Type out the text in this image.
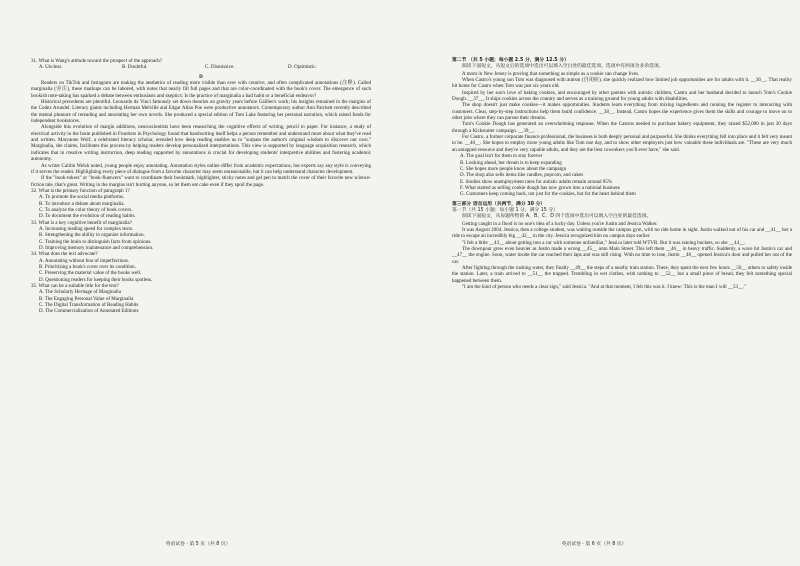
31. What is Wang's attitude toward the prospect of the approach?

A. Unclear.	B. Doubtful.	C. Dismissive.	D. Optimistic.

D

Readers on TikTok and Instagram are making the aesthetics of reading more visible than ever with creative, and often complicated annotations (注释). Called marginalia (旁注), these markups can be labored, with notes that nearly fill full pages and that are color-coordinated with the book's cover. The emergence of such bookish note-taking has sparked a debate between enthusiasts and skeptics: Is the practice of marginalia a bad habit or a beneficial endeavor?

Historical precedents are plentiful. Leonardo da Vinci famously set down theories on gravity years before Galileo's work; his insights remained in the margins of the Codex Arundel. Literary giants including Herman Melville and Edgar Allan Poe were productive annotators. Contemporary author Ann Patchett recently described the mental pleasure of rereading and annotating her own novels. She produced a special edition of Tom Lake featuring her personal narration, which raised funds for independent bookstores.

Alongside this evolution of margin additions, neuroscientists have been researching the cognitive effects of writing, pencil to paper. For instance, a study of electrical activity in the brain published in Frontiers in Psychology found that handwriting itself helps a person remember and understand more about what they've read and written. Maryanne Wolf, a celebrated literacy scholar, revealed how deep reading enables us to "surpass the author's original wisdom to discover our own." Marginalia, she claims, facilitates this process by helping readers develop personalized interpretations. This view is supported by language acquisition research, which indicates that in creative writing instruction, deep reading supported by annotations is crucial for developing students' interpretive abilities and fostering academic autonomy.

As writer Caitlin Welsh noted, young people enjoy annotating. Annotation styles online differ from academic expectations, but experts say any style is conveying if it serves the reader. Highlighting every piece of dialogue from a favorite character may seem unreasonable, but it can help understand character development.

If the "book-tokers" or "book-fluencers" want to coordinate their bookmark, highlighter, sticky notes and gel pen to match the cover of their favorite new science-fiction tale, that's great. Writing in the margins isn't hurting anyone, so let them eat cake even if they spoil the page.

32. What is the primary function of paragraph 1?

A. To promote the social media platforms.

B. To introduce a debate about marginalia.

C. To analyze the color theory of book covers.

D. To document the evolution of reading habits.

33. What is a key cognitive benefit of marginalia?

A. Increasing reading speed for complex texts.

B. Strengthening the ability to organize information.

C. Training the brain to distinguish facts from opinions.

D. Improving memory maintenance and comprehension.

34. What does the text advocate?

A. Annotating without fear of imperfections.

B. Prioritizing a book's cover over its condition.

C. Preserving the material value of the books well.

D. Questioning readers for keeping their books spotless.

35. What can be a suitable title for the text?

A. The Scholarly Heritage of Marginalia

B. The Engaging Personal Value of Marginalia

C. The Digital Transformation of Reading Habits

D. The Commercialization of Annotated Editions

第二节 （共 5 小题；每小题 2.5 分，满分 12.5 分）

阅读下面短文，从短文后的选项中选出可以填入空白处的最佳选项。选项中有两项为多余选项。

A mom in New Jersey is proving that something as simple as a cookie can change lives.

When Castro's young son Tom was diagnosed with autism (自闭症), she quickly realized how limited job opportunities are for adults with it. __36__. That reality hit home for Castro when Tom was just six years old.

Inspired by her son's love of baking cookies, and encouraged by other parents with autistic children, Castro and her husband decided to launch Tom's Cookie Dough. __37__. It ships cookies across the country and serves as a training ground for young adults with disabilities.

The shop doesn't just make cookies—it makes opportunities. Students learn everything from mixing ingredients and running the register to interacting with customers. Clear, step-by-step instructions help them build confidence. __38__. Instead, Castro hopes the experience gives them the skills and courage to move on to other jobs where they can pursue their dreams.

Tom's Cookie Dough has generated an overwhelming response. When the Castros needed to purchase bakery equipment, they raised $52,000 in just 30 days through a Kickstarter campaign. __39__.

For Castro, a former corporate finance professional, the business is both deeply personal and purposeful. She thinks everything fell into place and it felt very meant to be. __40__. She hopes to employ more young adults like Tom one day, and to show other employers just how valuable these individuals are. "These are very much an untapped resource and they're very capable adults, and they are the best coworkers you'll ever have," she said.

A. The goal isn't for them to stay forever

B. Looking ahead, her dream is to keep expanding

C. She hopes more people know about the campaign

D. The shop also sells items like candles, popcorn, and cakes

E. Studies show unemployment rates for autistic adults remain around 85%

F. What started as selling cookie dough has now grown into a national business

G. Customers keep coming back, not just for the cookies, but for the heart behind them

第三部分 语言运用（共两节，满分 30 分）

第一节（共 15 小题；每小题 1 分，满分 15 分）

阅读下面短文，从每题所给的 A、B、C、D 四个选项中选出可以填入空白处的最佳选项。

Getting caught in a flood is no one's idea of a lucky day. Unless you're Justin and Jessica Walker.

It was August 2004. Jessica, then a college student, was waiting outside the campus gym, with no ride home in sight. Justin walked out of his car and __41__ her a ride to escape an incredibly big __42__ in the city. Jessica recognized him on campus days earlier.

"I felt a little __43__ about getting into a car with someone unfamiliar," Jessica later told WTVR. But it was raining buckets, so she __44__.

The downpour grew even heavier as Justin made a wrong __45__ onto Main Street. This left them __46__ in heavy traffic. Suddenly, a wave hit Justin's car and __47__ the engine. Soon, water inside the car reached their laps and was still rising. With no time to lose, Justin __48__ opened Jessica's door and pulled her out of the car.

After fighting through the rushing water, they finally __49__ the steps of a nearby train station. There, they spent the next few hours __50__ others to safety inside the station. Later, a train arrived to __51__ the trapped. Trembling in wet clothes, with nothing to __52__ but a small piece of bread, they felt something special happened between them.

"I am the kind of person who needs a clear sign," said Jessica. "And at that moment, I felt this was it. I knew: This is the man I will __53__."

英语试卷 · 第 5 页（共 8 页）	英语试卷 · 第 6 页（共 8 页）
